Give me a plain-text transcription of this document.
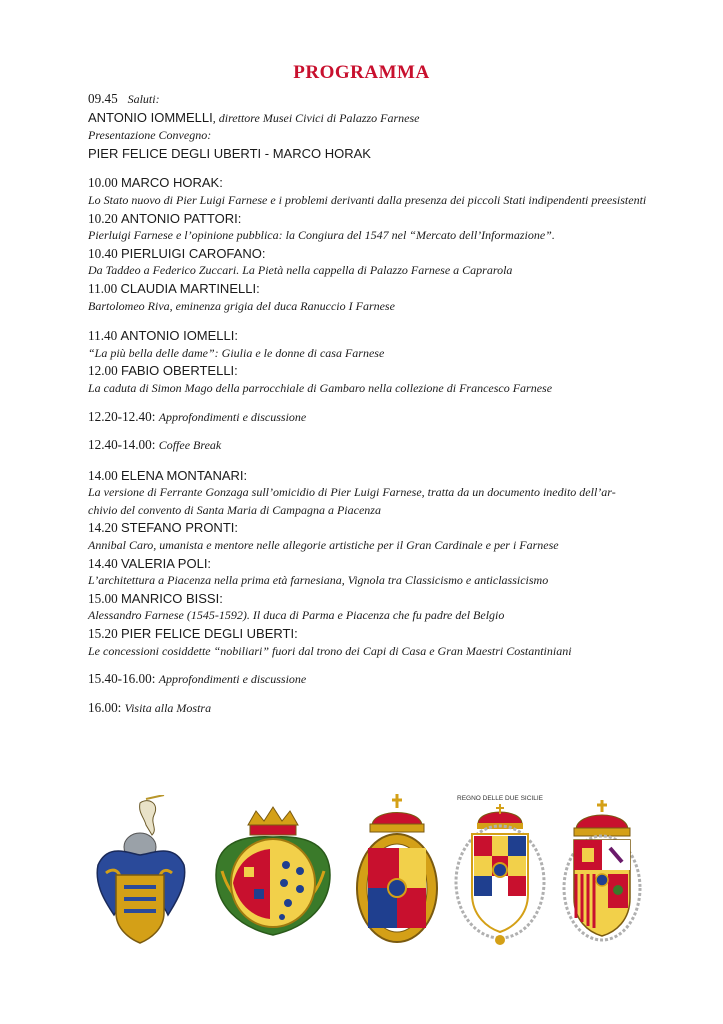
PROGRAMMA
09.45 Saluti:
ANTONIO IOMMELLI, direttore Musei Civici di Palazzo Farnese
Presentazione Convegno:
PIER FELICE DEGLI UBERTI - MARCO HORAK
10.00 MARCO HORAK:
Lo Stato nuovo di Pier Luigi Farnese e i problemi derivanti dalla presenza dei piccoli Stati indipendenti preesistenti
10.20 ANTONIO PATTORI:
Pierluigi Farnese e l’opinione pubblica: la Congiura del 1547 nel “Mercato dell’Informazione”.
10.40 PIERLUIGI CAROFANO:
Da Taddeo a Federico Zuccari. La Pietà nella cappella di Palazzo Farnese a Caprarola
11.00 CLAUDIA MARTINELLI:
Bartolomeo Riva, eminenza grigia del duca Ranuccio I Farnese
11.40 ANTONIO IOMELLI:
“La più bella delle dame”: Giulia e le donne di casa Farnese
12.00 FABIO OBERTELLI:
La caduta di Simon Mago della parrocchiale di Gambaro nella collezione di Francesco Farnese
12.20-12.40: Approfondimenti e discussione
12.40-14.00: Coffee Break
14.00 ELENA MONTANARI:
La versione di Ferrante Gonzaga sull’omicidio di Pier Luigi Farnese, tratta da un documento inedito dell’ar-
chivio del convento di Santa Maria di Campagna a Piacenza
14.20 STEFANO PRONTI:
Annibal Caro, umanista e mentore nelle allegorie artistiche per il Gran Cardinale e per i Farnese
14.40 VALERIA POLI:
L’architettura a Piacenza nella prima età farnesiana, Vignola tra Classicismo e anticlassicismo
15.00 MANRICO BISSI:
Alessandro Farnese (1545-1592). Il duca di Parma e Piacenza che fu padre del Belgio
15.20 PIER FELICE DEGLI UBERTI:
Le concessioni cosiddette “nobiliari” fuori dal trono dei Capi di Casa e Gran Maestri Costantiniani
15.40-16.00: Approfondimenti e discussione
16.00: Visita alla Mostra
REGNO DELLE DUE SICILIE
